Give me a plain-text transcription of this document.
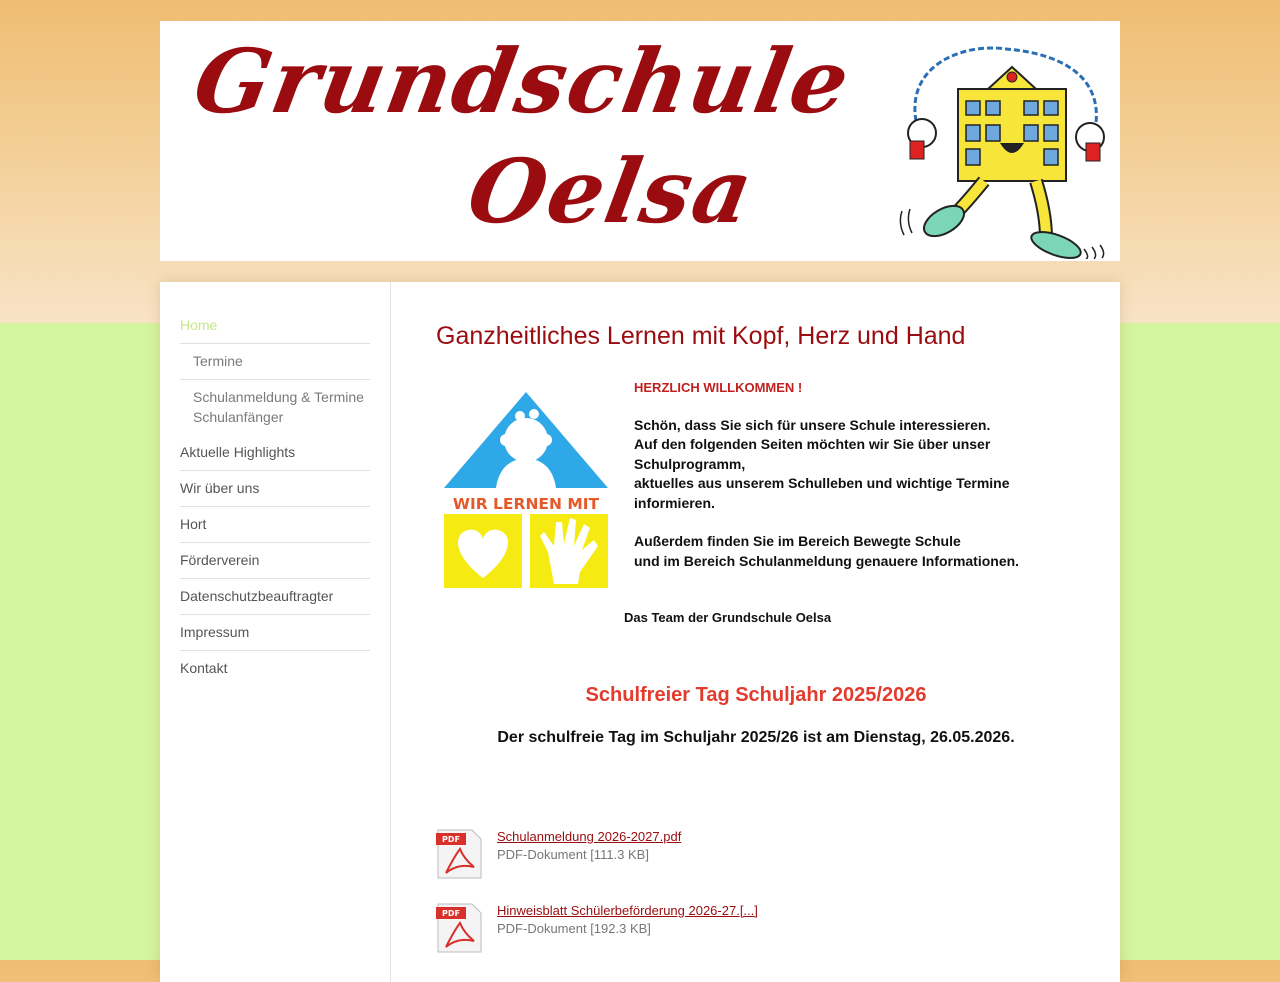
Grundschule
Oelsa
Home
Termine
Schulanmeldung & Termine Schulanfänger
Aktuelle Highlights
Wir über uns
Hort
Förderverein
Datenschutzbeauftragter
Impressum
Kontakt
Ganzheitliches Lernen mit Kopf, Herz und Hand
WIR LERNEN MIT

HERZLICH WILLKOMMEN !

Schön, dass Sie sich für unsere Schule interessieren.

Auf den folgenden Seiten möchten wir Sie über unser Schulprogramm,

aktuelles aus unserem Schulleben und wichtige Termine informieren.

Außerdem finden Sie im Bereich Bewegte Schule

und im Bereich Schulanmeldung genauere Informationen.

Das Team der Grundschule Oelsa
Schulfreier Tag Schuljahr 2025/2026
Der schulfreie Tag im Schuljahr 2025/26 ist am Dienstag, 26.05.2026.
PDF	Schulanmeldung 2026-2027.pdf
PDF-Dokument [111.3 KB]
PDF	Hinweisblatt Schülerbeförderung 2026-27.[...]
PDF-Dokument [192.3 KB]
